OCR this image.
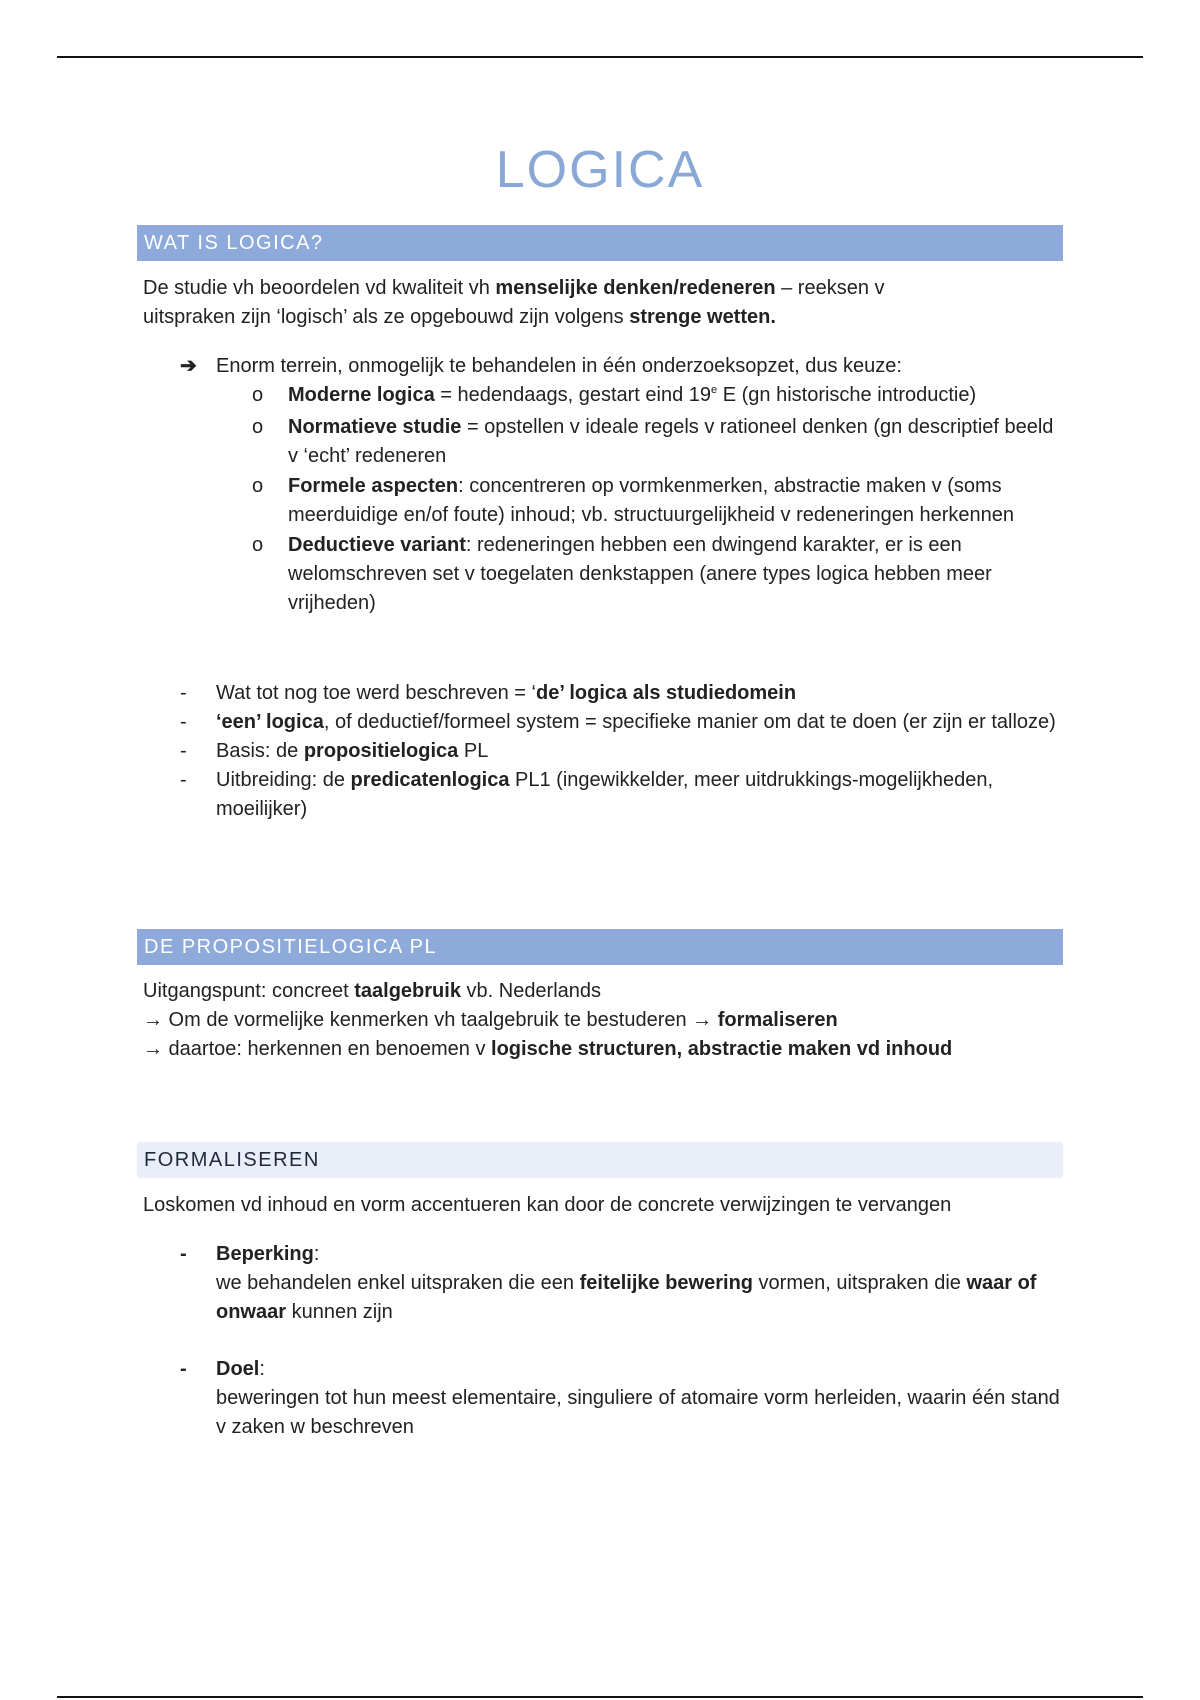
LOGICA
WAT IS LOGICA?
De studie vh beoordelen vd kwaliteit vh menselijke denken/redeneren – reeksen v
uitspraken zijn ‘logisch’ als ze opgebouwd zijn volgens strenge wetten.
➔ Enorm terrein, onmogelijk te behandelen in één onderzoeksopzet, dus keuze:
o Moderne logica = hedendaags, gestart eind 19e E (gn historische introductie)
o Normatieve studie = opstellen v ideale regels v rationeel denken (gn descriptief beeld v ‘echt’ redeneren
o Formele aspecten: concentreren op vormkenmerken, abstractie maken v (soms meerduidige en/of foute) inhoud; vb. structuurgelijkheid v redeneringen herkennen
o Deductieve variant: redeneringen hebben een dwingend karakter, er is een welomschreven set v toegelaten denkstappen (anere types logica hebben meer vrijheden)
- Wat tot nog toe werd beschreven = ‘de’ logica als studiedomein
- ‘een’ logica, of deductief/formeel system = specifieke manier om dat te doen (er zijn er talloze)
- Basis: de propositielogica PL
- Uitbreiding: de predicatenlogica PL1 (ingewikkelder, meer uitdrukkings-mogelijkheden, moeilijker)
DE PROPOSITIELOGICA PL
Uitgangspunt: concreet taalgebruik vb. Nederlands
→ Om de vormelijke kenmerken vh taalgebruik te bestuderen → formaliseren
→ daartoe: herkennen en benoemen v logische structuren, abstractie maken vd inhoud
FORMALISEREN
Loskomen vd inhoud en vorm accentueren kan door de concrete verwijzingen te vervangen
- Beperking:
we behandelen enkel uitspraken die een feitelijke bewering vormen, uitspraken die waar of onwaar kunnen zijn
- Doel:
beweringen tot hun meest elementaire, singuliere of atomaire vorm herleiden, waarin één stand v zaken w beschreven
